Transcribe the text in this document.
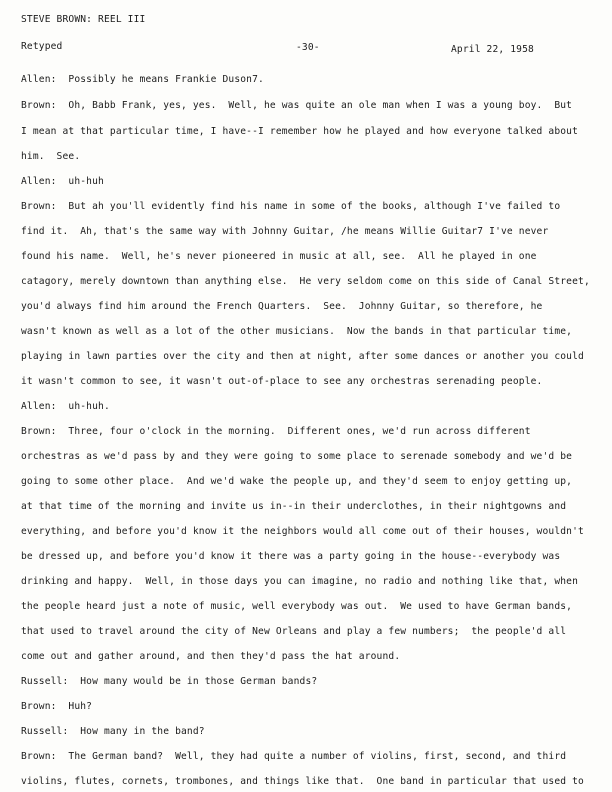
STEVE BROWN: REEL III
Retyped	-30-	April 22, 1958
Allen:  Possibly he means Frankie Duson7.
Brown:  Oh, Babb Frank, yes, yes.  Well, he was quite an ole man when I was a young boy.  But
I mean at that particular time, I have--I remember how he played and how everyone talked about
him.  See.
Allen:  uh-huh
Brown:  But ah you'll evidently find his name in some of the books, although I've failed to
find it.  Ah, that's the same way with Johnny Guitar, /he means Willie Guitar7 I've never
found his name.  Well, he's never pioneered in music at all, see.  All he played in one
catagory, merely downtown than anything else.  He very seldom come on this side of Canal Street,
you'd always find him around the French Quarters.  See.  Johnny Guitar, so therefore, he
wasn't known as well as a lot of the other musicians.  Now the bands in that particular time,
playing in lawn parties over the city and then at night, after some dances or another you could
it wasn't common to see, it wasn't out-of-place to see any orchestras serenading people.
Allen:  uh-huh.
Brown:  Three, four o'clock in the morning.  Different ones, we'd run across different
orchestras as we'd pass by and they were going to some place to serenade somebody and we'd be
going to some other place.  And we'd wake the people up, and they'd seem to enjoy getting up,
at that time of the morning and invite us in--in their underclothes, in their nightgowns and
everything, and before you'd know it the neighbors would all come out of their houses, wouldn't
be dressed up, and before you'd know it there was a party going in the house--everybody was
drinking and happy.  Well, in those days you can imagine, no radio and nothing like that, when
the people heard just a note of music, well everybody was out.  We used to have German bands,
that used to travel around the city of New Orleans and play a few numbers;  the people'd all
come out and gather around, and then they'd pass the hat around.
Russell:  How many would be in those German bands?
Brown:  Huh?
Russell:  How many in the band?
Brown:  The German band?  Well, they had quite a number of violins, first, second, and third
violins, flutes, cornets, trombones, and things like that.  One band in particular that used to
